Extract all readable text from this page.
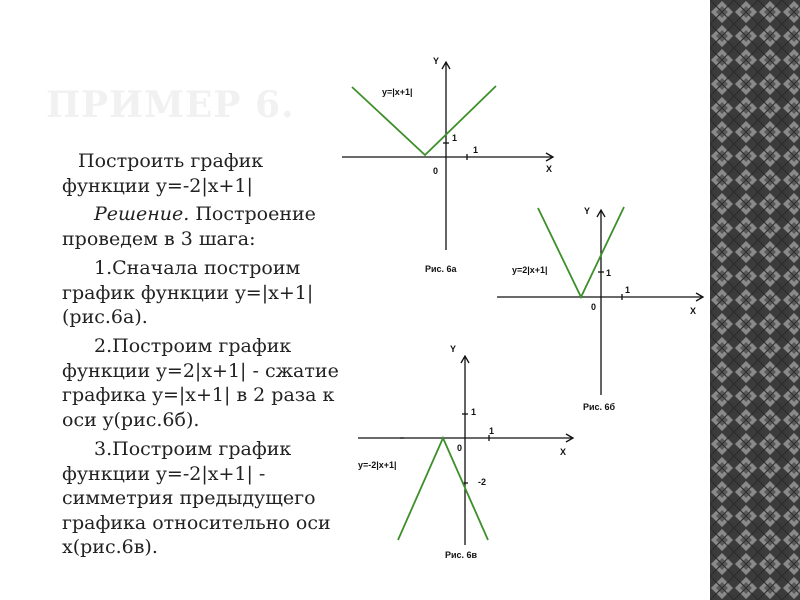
ПРИМЕР 6.

Построить график функции y=-2|x+1|

Решение. Построение проведем в 3 шага:

1.Сначала построим график функции y=|x+1| (рис.6а).

2.Построим график функции y=2|x+1| - сжатие графика y=|x+1| в 2 раза к оси y(рис.6б).

3.Построим график функции y=-2|x+1| - симметрия предыдущего графика относительно оси x(рис.6в).

Y
y=|x+1|
1
1
0	X
Рис. 6а
Y
y=2|x+1|	1
1
0	X
Рис. 6б
Y
1
1
0	X
y=-2|x+1|
-2
Рис. 6в
